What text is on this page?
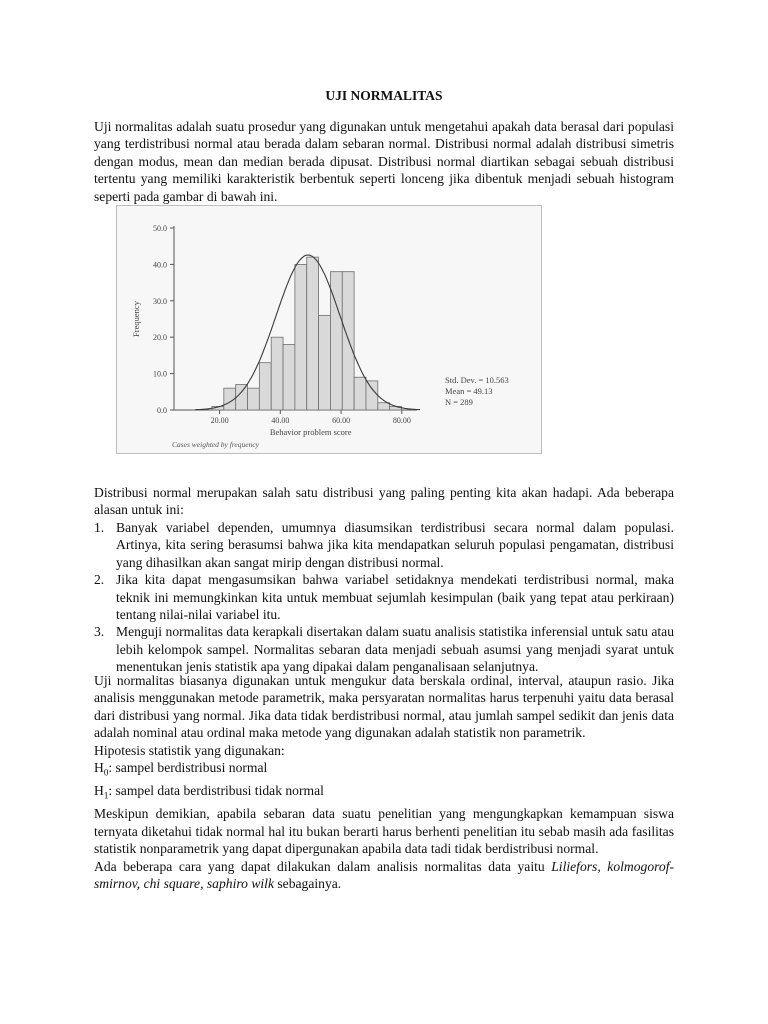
UJI NORMALITAS

Uji normalitas adalah suatu prosedur yang digunakan untuk mengetahui apakah data berasal dari populasi yang terdistribusi normal atau berada dalam sebaran normal. Distribusi normal adalah distribusi simetris dengan modus, mean dan median berada dipusat. Distribusi normal diartikan sebagai sebuah distribusi tertentu yang memiliki karakteristik berbentuk seperti lonceng jika dibentuk menjadi sebuah histogram seperti pada gambar di bawah ini.

0.0
10.0
20.0
30.0
40.0
50.0
20.00	40.00	60.00	80.00
Frequency
Behavior problem score
Cases weighted by frequency
Std. Dev. = 10.563
Mean = 49.13
N = 289

Distribusi normal merupakan salah satu distribusi yang paling penting kita akan hadapi. Ada beberapa alasan untuk ini:

1. Banyak variabel dependen, umumnya diasumsikan terdistribusi secara normal dalam populasi. Artinya, kita sering berasumsi bahwa jika kita mendapatkan seluruh populasi pengamatan, distribusi yang dihasilkan akan sangat mirip dengan distribusi normal.
2. Jika kita dapat mengasumsikan bahwa variabel setidaknya mendekati terdistribusi normal, maka teknik ini memungkinkan kita untuk membuat sejumlah kesimpulan (baik yang tepat atau perkiraan) tentang nilai-nilai variabel itu.
3. Menguji normalitas data kerapkali disertakan dalam suatu analisis statistika inferensial untuk satu atau lebih kelompok sampel. Normalitas sebaran data menjadi sebuah asumsi yang menjadi syarat untuk menentukan jenis statistik apa yang dipakai dalam penganalisaan selanjutnya.

Uji normalitas biasanya digunakan untuk mengukur data berskala ordinal, interval, ataupun rasio. Jika analisis menggunakan metode parametrik, maka persyaratan normalitas harus terpenuhi yaitu data berasal dari distribusi yang normal. Jika data tidak berdistribusi normal, atau jumlah sampel sedikit dan jenis data adalah nominal atau ordinal maka metode yang digunakan adalah statistik non parametrik.

Hipotesis statistik yang digunakan:

$H_0$: sampel berdistribusi normal

$H_1$: sampel data berdistribusi tidak normal

Meskipun demikian, apabila sebaran data suatu penelitian yang mengungkapkan kemampuan siswa ternyata diketahui tidak normal hal itu bukan berarti harus berhenti penelitian itu sebab masih ada fasilitas statistik nonparametrik yang dapat dipergunakan apabila data tadi tidak berdistribusi normal.

Ada beberapa cara yang dapat dilakukan dalam analisis normalitas data yaitu Liliefors, kolmogorof-smirnov, chi square, saphiro wilk sebagainya.
